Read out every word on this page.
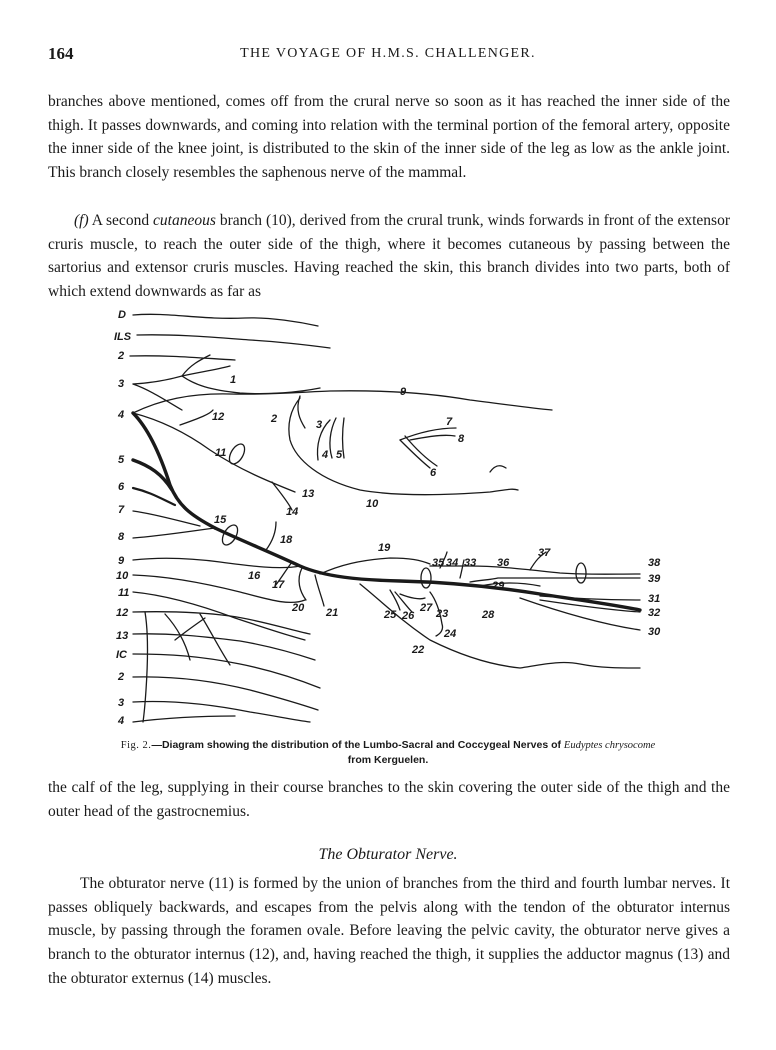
164	THE VOYAGE OF H.M.S. CHALLENGER.

branches above mentioned, comes off from the crural nerve so soon as it has reached the inner side of the thigh. It passes downwards, and coming into relation with the terminal portion of the femoral artery, opposite the inner side of the knee joint, is distributed to the skin of the inner side of the leg as low as the ankle joint. This branch closely resembles the saphenous nerve of the mammal.

(f) A second cutaneous branch (10), derived from the crural trunk, winds forwards in front of the extensor cruris muscle, to reach the outer side of the thigh, where it becomes cutaneous by passing between the sartorius and extensor cruris muscles. Having reached the skin, this branch divides into two parts, both of which extend downwards as far as

D
ILS
2
3
4
5
6
7
8
9
10
11
12
13
IC
2
3
4
1
9
12	2	3
4 5
7
8
6
11
13
10
14
15
18
19
16
17
20 21
35 34 33 36
37
38
39
29
31
32
30
28
27
25 26 23
24
22
Fig. 2.—Diagram showing the distribution of the Lumbo-Sacral and Coccygeal Nerves of Eudyptes chrysocome
from Kerguelen.

the calf of the leg, supplying in their course branches to the skin covering the outer side of the thigh and the outer head of the gastrocnemius.

The Obturator Nerve.

The obturator nerve (11) is formed by the union of branches from the third and fourth lumbar nerves. It passes obliquely backwards, and escapes from the pelvis along with the tendon of the obturator internus muscle, by passing through the foramen ovale. Before leaving the pelvic cavity, the obturator nerve gives a branch to the obturator internus (12), and, having reached the thigh, it supplies the adductor magnus (13) and the obturator externus (14) muscles.
